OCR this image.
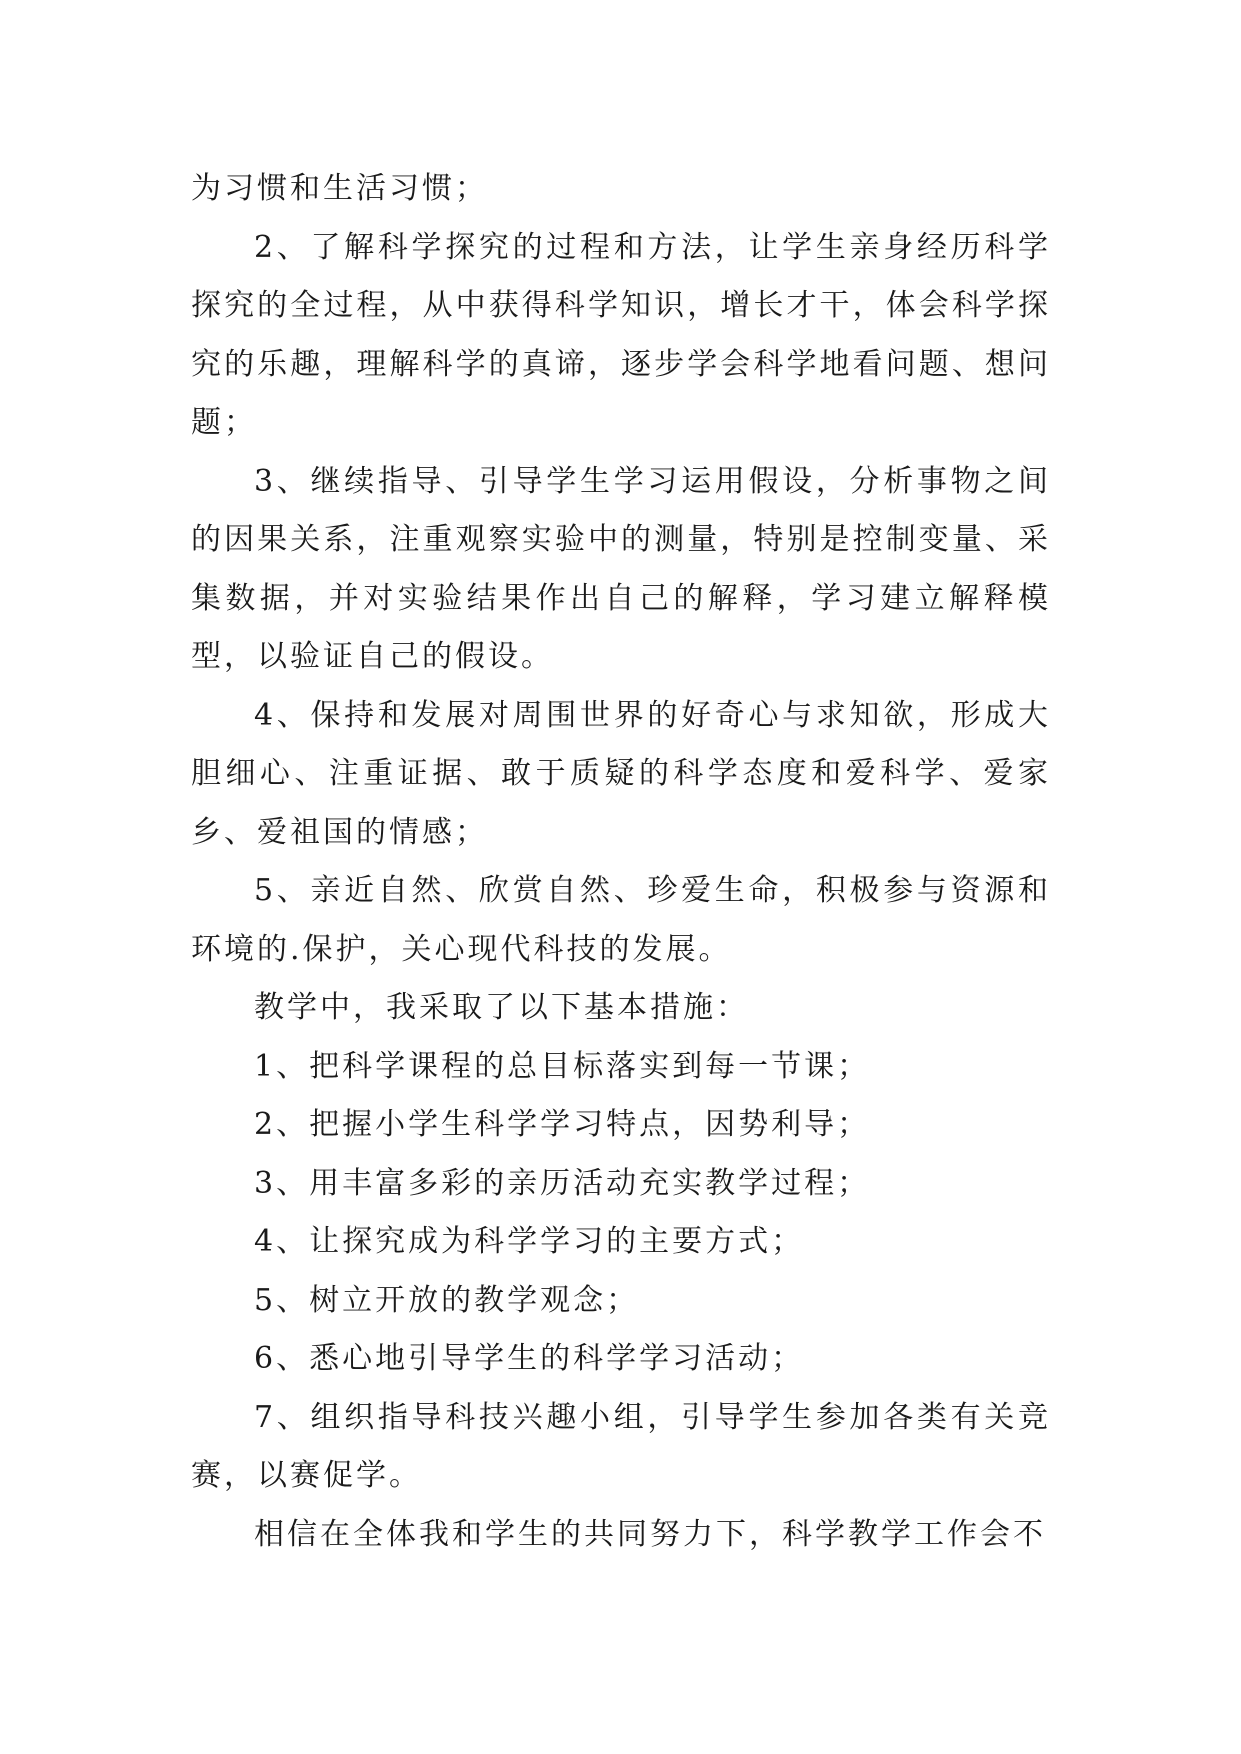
为习惯和生活习惯；

2、了解科学探究的过程和方法，让学生亲身经历科学探究的全过程，从中获得科学知识，增长才干，体会科学探究的乐趣，理解科学的真谛，逐步学会科学地看问题、想问题；

3、继续指导、引导学生学习运用假设，分析事物之间的因果关系，注重观察实验中的测量，特别是控制变量、采集数据，并对实验结果作出自己的解释，学习建立解释模型，以验证自己的假设。

4、保持和发展对周围世界的好奇心与求知欲，形成大胆细心、注重证据、敢于质疑的科学态度和爱科学、爱家乡、爱祖国的情感；

5、亲近自然、欣赏自然、珍爱生命，积极参与资源和环境的.保护，关心现代科技的发展。

教学中，我采取了以下基本措施：

1、把科学课程的总目标落实到每一节课；

2、把握小学生科学学习特点，因势利导；

3、用丰富多彩的亲历活动充实教学过程；

4、让探究成为科学学习的主要方式；

5、树立开放的教学观念；

6、悉心地引导学生的科学学习活动；

7、组织指导科技兴趣小组，引导学生参加各类有关竞赛，以赛促学。

相信在全体我和学生的共同努力下，科学教学工作会不
